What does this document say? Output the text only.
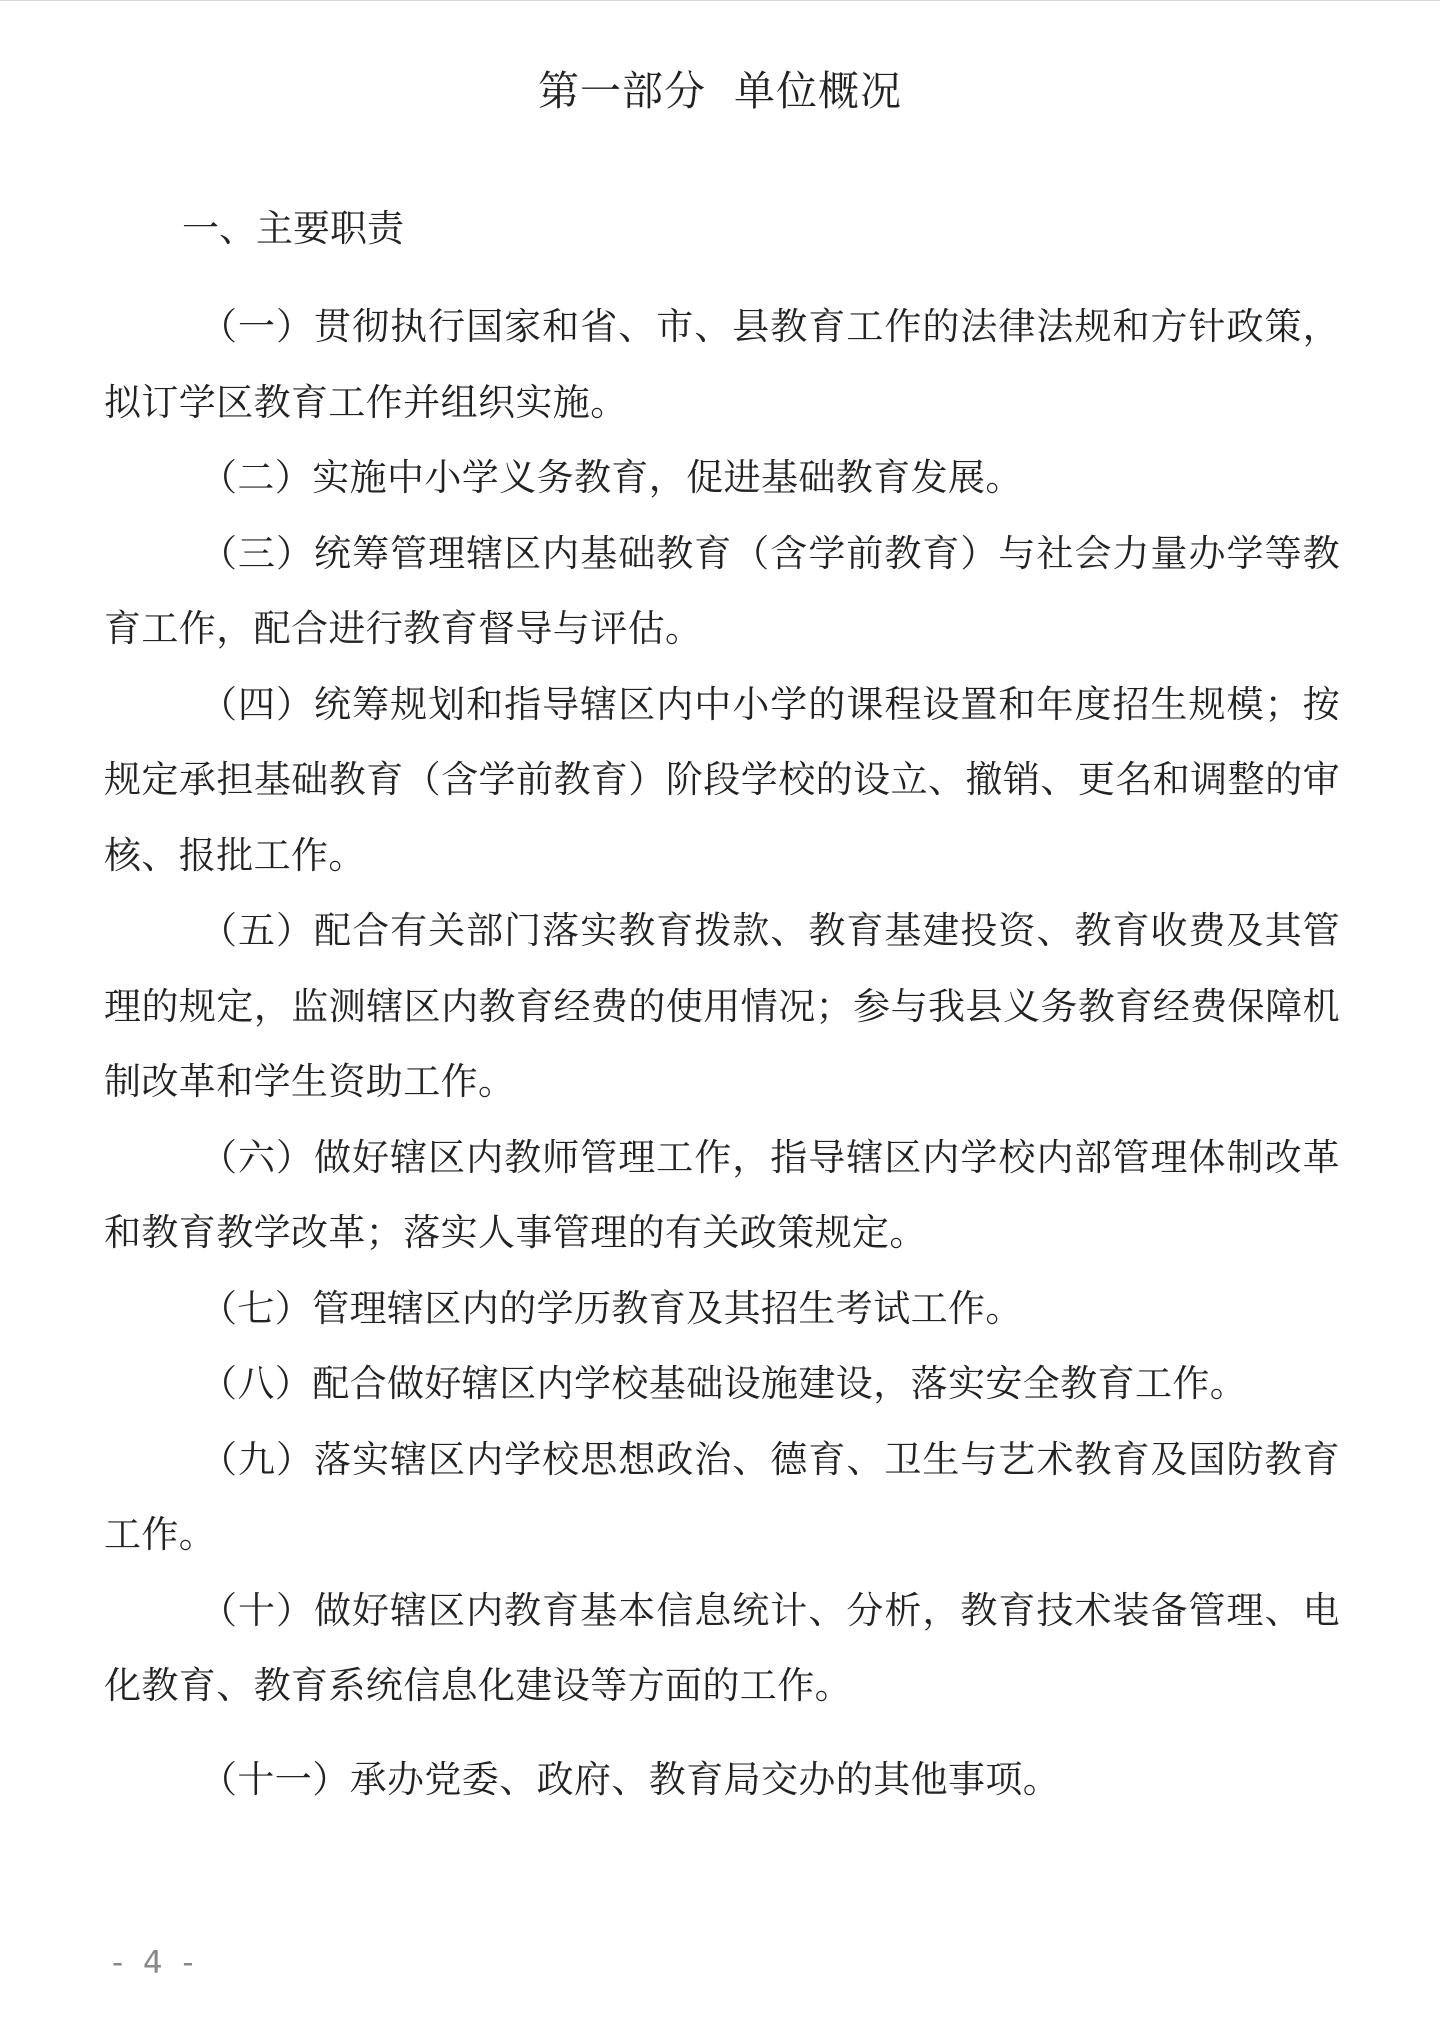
第一部分  单位概况
一、主要职责

（一）贯彻执行国家和省、市、县教育工作的法律法规和方针政策，拟订学区教育工作并组织实施。

（二）实施中小学义务教育，促进基础教育发展。

（三）统筹管理辖区内基础教育（含学前教育）与社会力量办学等教育工作，配合进行教育督导与评估。

（四）统筹规划和指导辖区内中小学的课程设置和年度招生规模；按规定承担基础教育（含学前教育）阶段学校的设立、撤销、更名和调整的审核、报批工作。

（五）配合有关部门落实教育拨款、教育基建投资、教育收费及其管理的规定，监测辖区内教育经费的使用情况；参与我县义务教育经费保障机制改革和学生资助工作。

（六）做好辖区内教师管理工作，指导辖区内学校内部管理体制改革和教育教学改革；落实人事管理的有关政策规定。

（七）管理辖区内的学历教育及其招生考试工作。

（八）配合做好辖区内学校基础设施建设，落实安全教育工作。

（九）落实辖区内学校思想政治、德育、卫生与艺术教育及国防教育工作。

（十）做好辖区内教育基本信息统计、分析，教育技术装备管理、电化教育、教育系统信息化建设等方面的工作。

（十一）承办党委、政府、教育局交办的其他事项。

-  4  -
